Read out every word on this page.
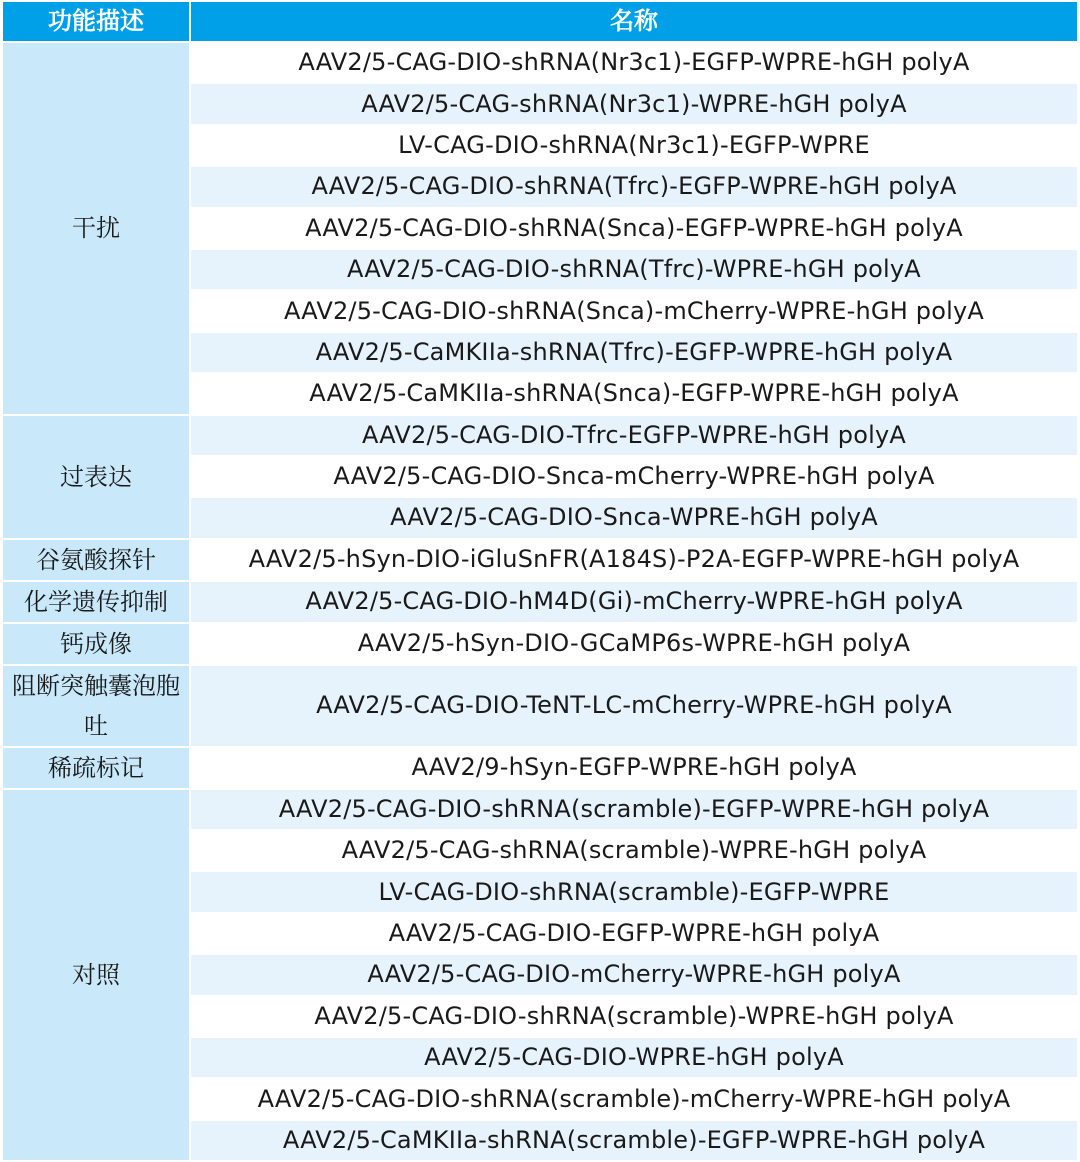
功能描述	名称
干扰	AAV2/5-CAG-DIO-shRNA(Nr3c1)-EGFP-WPRE-hGH polyA
	AAV2/5-CAG-shRNA(Nr3c1)-WPRE-hGH polyA
	LV-CAG-DIO-shRNA(Nr3c1)-EGFP-WPRE
	AAV2/5-CAG-DIO-shRNA(Tfrc)-EGFP-WPRE-hGH polyA
	AAV2/5-CAG-DIO-shRNA(Snca)-EGFP-WPRE-hGH polyA
	AAV2/5-CAG-DIO-shRNA(Tfrc)-WPRE-hGH polyA
	AAV2/5-CAG-DIO-shRNA(Snca)-mCherry-WPRE-hGH polyA
	AAV2/5-CaMKIIa-shRNA(Tfrc)-EGFP-WPRE-hGH polyA
	AAV2/5-CaMKIIa-shRNA(Snca)-EGFP-WPRE-hGH polyA
过表达	AAV2/5-CAG-DIO-Tfrc-EGFP-WPRE-hGH polyA
	AAV2/5-CAG-DIO-Snca-mCherry-WPRE-hGH polyA
	AAV2/5-CAG-DIO-Snca-WPRE-hGH polyA
谷氨酸探针	AAV2/5-hSyn-DIO-iGluSnFR(A184S)-P2A-EGFP-WPRE-hGH polyA
化学遗传抑制	AAV2/5-CAG-DIO-hM4D(Gi)-mCherry-WPRE-hGH polyA
钙成像	AAV2/5-hSyn-DIO-GCaMP6s-WPRE-hGH polyA
阻断突触囊泡胞吐	AAV2/5-CAG-DIO-TeNT-LC-mCherry-WPRE-hGH polyA
稀疏标记	AAV2/9-hSyn-EGFP-WPRE-hGH polyA
对照	AAV2/5-CAG-DIO-shRNA(scramble)-EGFP-WPRE-hGH polyA
	AAV2/5-CAG-shRNA(scramble)-WPRE-hGH polyA
	LV-CAG-DIO-shRNA(scramble)-EGFP-WPRE
	AAV2/5-CAG-DIO-EGFP-WPRE-hGH polyA
	AAV2/5-CAG-DIO-mCherry-WPRE-hGH polyA
	AAV2/5-CAG-DIO-shRNA(scramble)-WPRE-hGH polyA
	AAV2/5-CAG-DIO-WPRE-hGH polyA
	AAV2/5-CAG-DIO-shRNA(scramble)-mCherry-WPRE-hGH polyA
	AAV2/5-CaMKIIa-shRNA(scramble)-EGFP-WPRE-hGH polyA
